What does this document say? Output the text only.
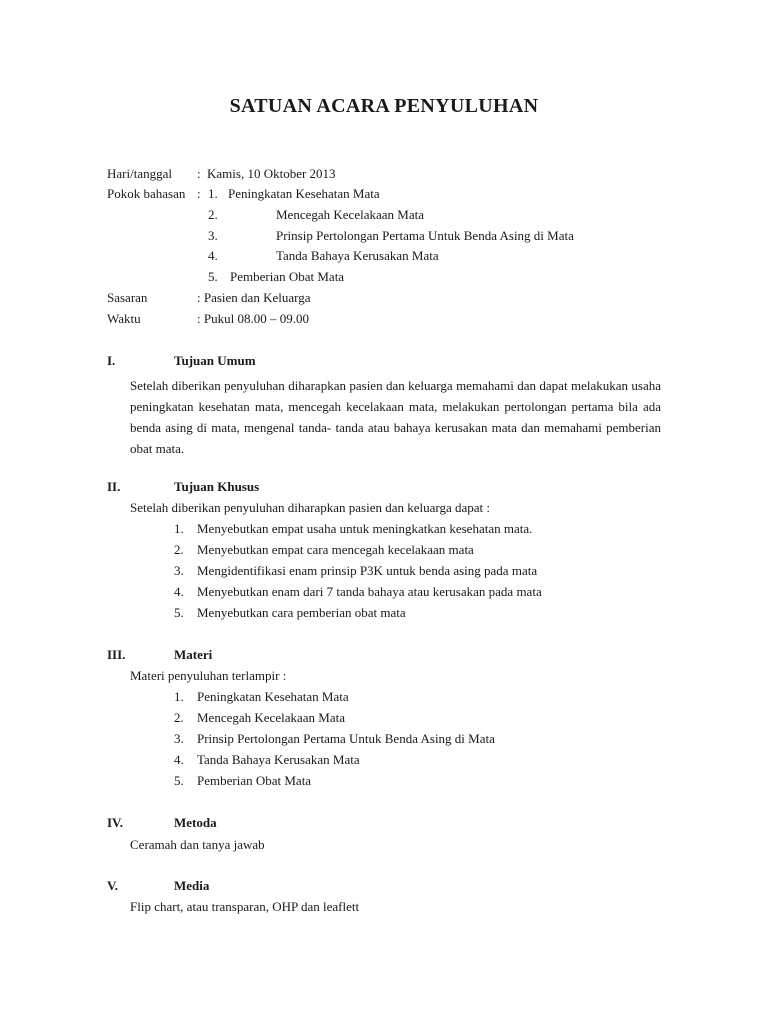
SATUAN ACARA PENYULUHAN
Hari/tanggal : Kamis, 10 Oktober 2013
Pokok bahasan : 1. Peningkatan Kesehatan Mata
2.	Mencegah Kecelakaan Mata
3.	Prinsip Pertolongan Pertama Untuk Benda Asing di Mata
4.	Tanda Bahaya Kerusakan Mata
5. Pemberian Obat Mata
Sasaran	: Pasien dan Keluarga
Waktu	: Pukul 08.00 – 09.00
I.	Tujuan Umum

Setelah diberikan penyuluhan diharapkan pasien dan keluarga memahami dan dapat melakukan usaha peningkatan kesehatan mata, mencegah kecelakaan mata, melakukan pertolongan pertama bila ada benda asing di mata, mengenal tanda- tanda atau bahaya kerusakan mata dan memahami pemberian obat mata.

II.	Tujuan Khusus
Setelah diberikan penyuluhan diharapkan pasien dan keluarga dapat :
1. Menyebutkan empat usaha untuk meningkatkan kesehatan mata.
2. Menyebutkan empat cara mencegah kecelakaan mata
3. Mengidentifikasi enam prinsip P3K untuk benda asing pada mata
4. Menyebutkan enam dari 7 tanda bahaya atau kerusakan pada mata
5. Menyebutkan cara pemberian obat mata
III.	Materi
Materi penyuluhan terlampir :
1. Peningkatan Kesehatan Mata
2. Mencegah Kecelakaan Mata
3. Prinsip Pertolongan Pertama Untuk Benda Asing di Mata
4. Tanda Bahaya Kerusakan Mata
5. Pemberian Obat Mata
IV.	Metoda
Ceramah dan tanya jawab
V.	Media
Flip chart, atau transparan, OHP dan leaflett
